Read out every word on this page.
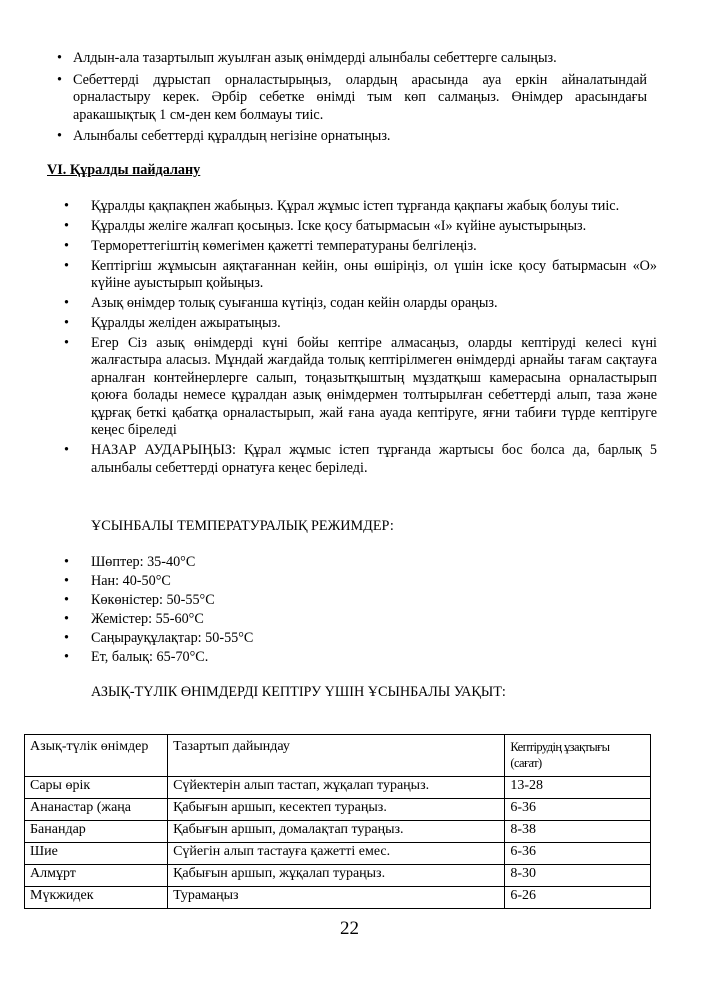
• Алдын-ала тазартылып жуылған азық өнімдерді алынбалы себеттерге салыңыз.
• Себеттерді дұрыстап орналастырыңыз, олардың арасында ауа еркін айналатындай орналастыру керек. Әрбір себетке өнімді тым көп салмаңыз. Өнімдер арасындағы аракашықтық 1 см-ден кем болмауы тиіс.
• Алынбалы себеттерді құралдың негізіне орнатыңыз.
VI. Құралды пайдалану
• Құралды қақпақпен жабыңыз. Құрал жұмыс істеп тұрғанда қақпағы жабық болуы тиіс.
• Құралды желіге жалғап қосыңыз. Іске қосу батырмасын «I» күйіне ауыстырыңыз.
• Термореттегіштің көмегімен қажетті температураны белгілеңіз.
• Кептіргіш жұмысын аяқтағаннан кейін, оны өшіріңіз, ол үшін іске қосу батырмасын «О» күйіне ауыстырып қойыңыз.
• Азық өнімдер толық суығанша күтіңіз, содан кейін оларды ораңыз.
• Құралды желіден ажыратыңыз.
• Егер Сіз азық өнімдерді күні бойы кептіре алмасаңыз, оларды кептіруді келесі күні жалғастыра аласыз. Мұндай жағдайда толық кептірілмеген өнімдерді арнайы тағам сақтауға арналған контейнерлерге салып, тоңазытқыштың мұздатқыш камерасына орналастырып қоюға болады немесе құралдан азық өнімдермен толтырылған себеттерді алып, таза және құрғақ беткі қабатқа орналастырып, жай ғана ауада кептіруге, яғни табиғи түрде кептіруге кеңес біреледі
• НАЗАР АУДАРЫҢЫЗ: Құрал жұмыс істеп тұрғанда жартысы бос болса да, барлық 5 алынбалы себеттерді орнатуға кеңес беріледі.
ҰСЫНБАЛЫ ТЕМПЕРАТУРАЛЫҚ РЕЖИМДЕР:
• Шөптер: 35-40°С
• Нан: 40-50°С
• Көкөністер: 50-55°С
• Жемістер: 55-60°С
• Саңырауқұлақтар: 50-55°С
• Ет, балық: 65-70°С.
АЗЫҚ-ТҮЛІК ӨНІМДЕРДІ КЕПТІРУ ҮШІН ҰСЫНБАЛЫ УАҚЫТ:
Азық-түлік өнімдер	Тазартып дайындау	Кептірудің ұзақтығы
(сағат)

Сары өрік	Сүйектерін алып тастап, жұқалап тураңыз.	13-28
Ананастар (жаңа	Қабығын аршып, кесектеп тураңыз.	6-36
Банандар	Қабығын аршып, домалақтап тураңыз.	8-38
Шие	Сүйегін алып тастауға қажетті емес.	6-36
Алмұрт	Қабығын аршып, жұқалап тураңыз.	8-30
Мүкжидек	Турамаңыз	6-26
22
